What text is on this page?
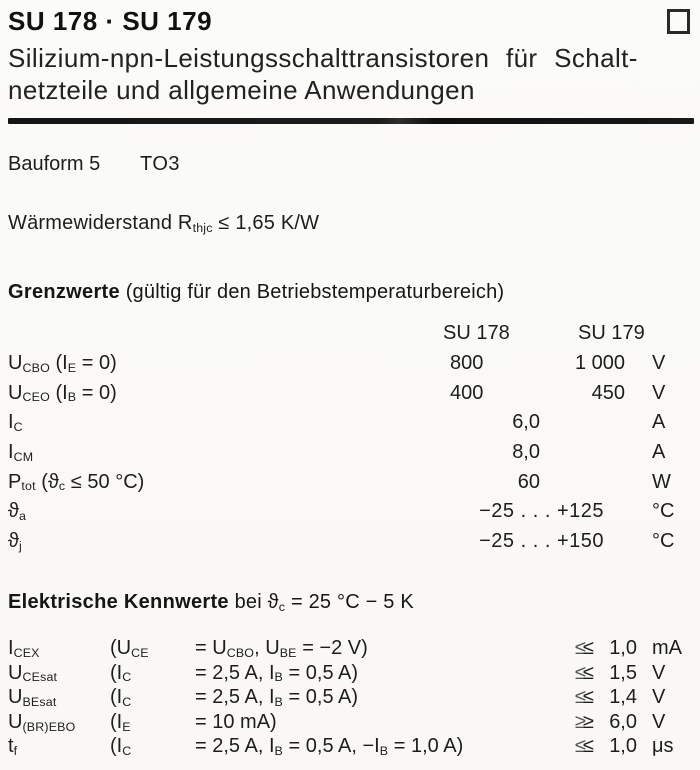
SU 178 · SU 179
Silizium-npn-Leistungsschalttransistoren für Schalt-
netzteile und allgemeine Anwendungen
Bauform 5 TO3
Wärmewiderstand Rthjc ≤ 1,65 K/W
Grenzwerte (gültig für den Betriebstemperaturbereich)
SU 178	SU 179
UCBO (IE = 0)	800	1 000 V
UCEO (IB = 0)	400	450 V
IC	6,0	A
ICM	8,0	A
Ptot (ϑc ≤ 50 °C)	60	W
ϑa	−25 . . . +125 °C
ϑj	−25 . . . +150 °C
Elektrische Kennwerte bei ϑc = 25 °C − 5 K
ICEX	(UCE = UCBO, UBE = −2 V)	≤ 1,0 mA
UCEsat	(IC	= 2,5 A, IB = 0,5 A)	≤ 1,5 V
UBEsat	(IC	= 2,5 A, IB = 0,5 A)	≤ 1,4 V
U(BR)EBO (IE	= 10 mA)	≥ 6,0 V
tf	(IC	= 2,5 A, IB = 0,5 A, −IB = 1,0 A)	≤ 1,0 μs
